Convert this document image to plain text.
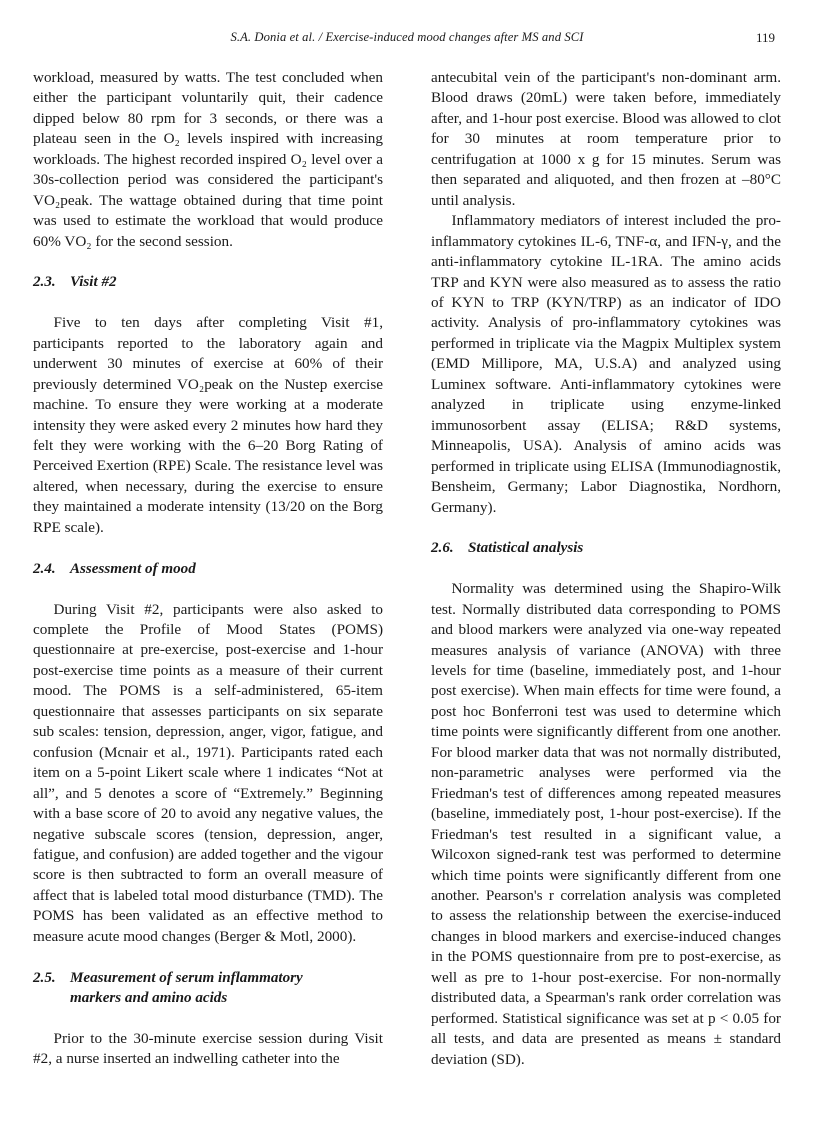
S.A. Donia et al. / Exercise-induced mood changes after MS and SCI	119

workload, measured by watts. The test concluded when either the participant voluntarily quit, their cadence dipped below 80 rpm for 3 seconds, or there was a plateau seen in the O₂ levels inspired with increasing workloads. The highest recorded inspired O₂ level over a 30s-collection period was considered the participant's VO₂peak. The wattage obtained during that time point was used to estimate the workload that would produce 60% VO₂ for the second session.

2.3. Visit #2

Five to ten days after completing Visit #1, participants reported to the laboratory again and underwent 30 minutes of exercise at 60% of their previously determined VO₂peak on the Nustep exercise machine. To ensure they were working at a moderate intensity they were asked every 2 minutes how hard they felt they were working with the 6–20 Borg Rating of Perceived Exertion (RPE) Scale. The resistance level was altered, when necessary, during the exercise to ensure they maintained a moderate intensity (13/20 on the Borg RPE scale).

2.4. Assessment of mood

During Visit #2, participants were also asked to complete the Profile of Mood States (POMS) questionnaire at pre-exercise, post-exercise and 1-hour post-exercise time points as a measure of their current mood. The POMS is a self-administered, 65-item questionnaire that assesses participants on six separate sub scales: tension, depression, anger, vigor, fatigue, and confusion (Mcnair et al., 1971). Participants rated each item on a 5-point Likert scale where 1 indicates “Not at all”, and 5 denotes a score of “Extremely.” Beginning with a base score of 20 to avoid any negative values, the negative subscale scores (tension, depression, anger, fatigue, and confusion) are added together and the vigour score is then subtracted to form an overall measure of affect that is labeled total mood disturbance (TMD). The POMS has been validated as an effective method to measure acute mood changes (Berger & Motl, 2000).

2.5. Measurement of serum inflammatory
markers and amino acids

Prior to the 30-minute exercise session during Visit #2, a nurse inserted an indwelling catheter into the

antecubital vein of the participant's non-dominant arm. Blood draws (20mL) were taken before, immediately after, and 1-hour post exercise. Blood was allowed to clot for 30 minutes at room temperature prior to centrifugation at 1000 x g for 15 minutes. Serum was then separated and aliquoted, and then frozen at –80°C until analysis.

Inflammatory mediators of interest included the pro-inflammatory cytokines IL-6, TNF-α, and IFN-γ, and the anti-inflammatory cytokine IL-1RA. The amino acids TRP and KYN were also measured as to assess the ratio of KYN to TRP (KYN/TRP) as an indicator of IDO activity. Analysis of pro-inflammatory cytokines was performed in triplicate via the Magpix Multiplex system (EMD Millipore, MA, U.S.A) and analyzed using Luminex software. Anti-inflammatory cytokines were analyzed in triplicate using enzyme-linked immunosorbent assay (ELISA; R&D systems, Minneapolis, USA). Analysis of amino acids was performed in triplicate using ELISA (Immunodiagnostik, Bensheim, Germany; Labor Diagnostika, Nordhorn, Germany).

2.6. Statistical analysis

Normality was determined using the Shapiro-Wilk test. Normally distributed data corresponding to POMS and blood markers were analyzed via one-way repeated measures analysis of variance (ANOVA) with three levels for time (baseline, immediately post, and 1-hour post exercise). When main effects for time were found, a post hoc Bonferroni test was used to determine which time points were significantly different from one another. For blood marker data that was not normally distributed, non-parametric analyses were performed via the Friedman's test of differences among repeated measures (baseline, immediately post, 1-hour post-exercise). If the Friedman's test resulted in a significant value, a Wilcoxon signed-rank test was performed to determine which time points were significantly different from one another. Pearson's r correlation analysis was completed to assess the relationship between the exercise-induced changes in blood markers and exercise-induced changes in the POMS questionnaire from pre to post-exercise, as well as pre to 1-hour post-exercise. For non-normally distributed data, a Spearman's rank order correlation was performed. Statistical significance was set at p < 0.05 for all tests, and data are presented as means ± standard deviation (SD).
